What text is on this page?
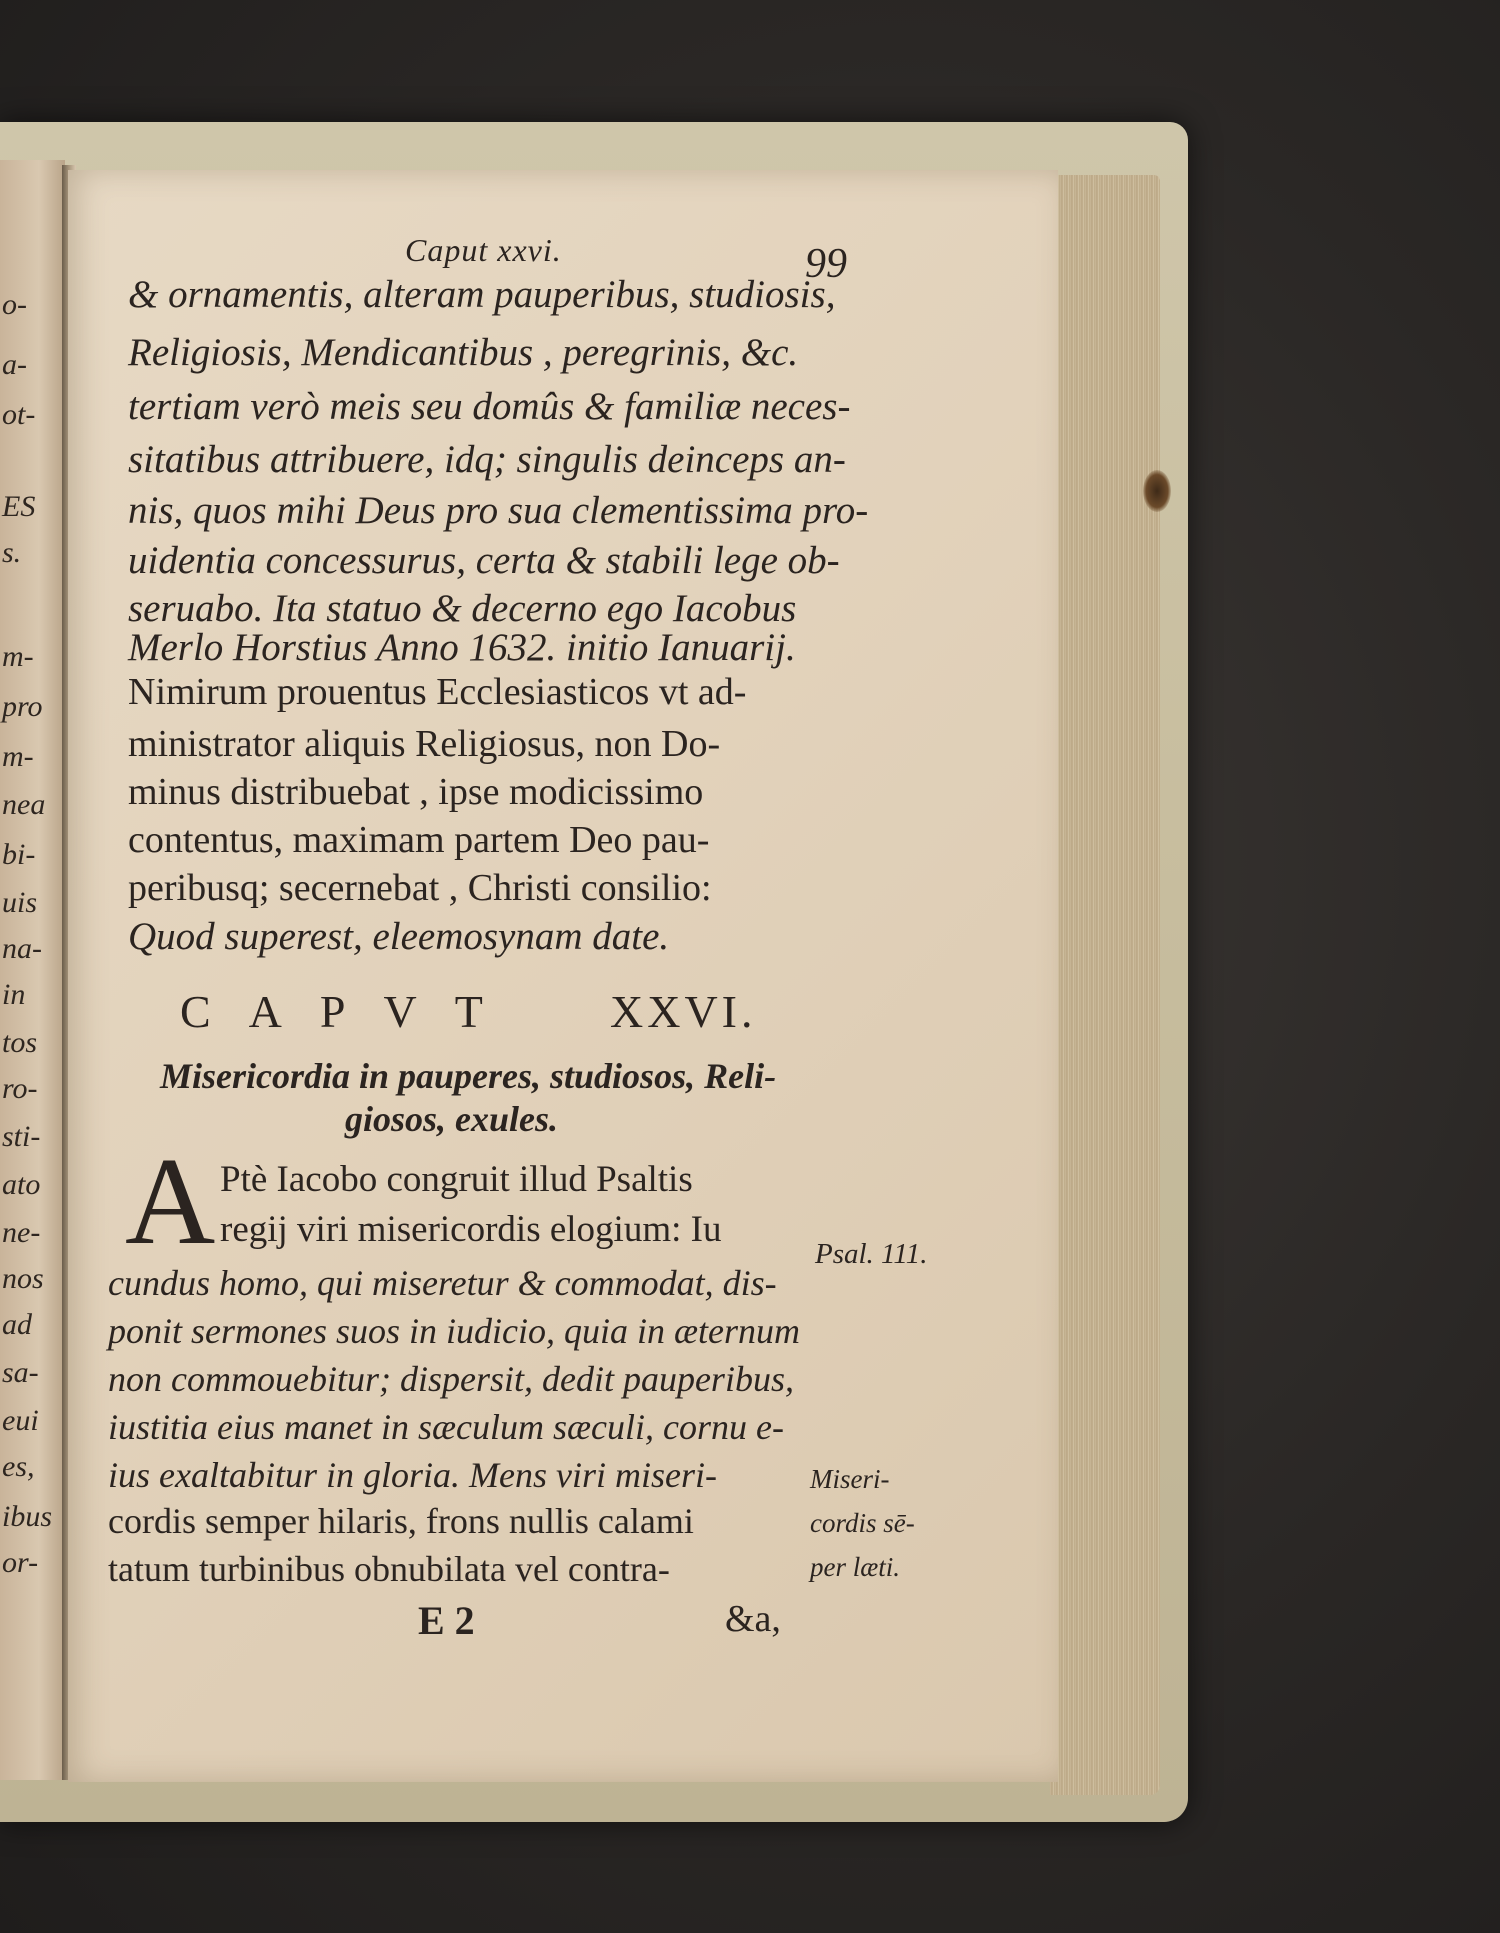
o-
a-
ot-
ES
s.
m-
pro
m-
nea
bi-
uis
na-
in
tos
ro-
sti-
ato
ne-
nos
ad
sa-
eui
es,
ibus
or-
Caput xxvi.	99
& ornamentis, alteram pauperibus, studiosis,
Religiosis, Mendicantibus , peregrinis, &c.
tertiam verò meis seu domûs & familiæ neces-
sitatibus attribuere, idq; singulis deinceps an-
nis, quos mihi Deus pro sua clementissima pro-
uidentia concessurus, certa & stabili lege ob-
seruabo. Ita statuo & decerno ego Iacobus
Merlo Horstius Anno 1632. initio Ianuarij.
Nimirum prouentus Ecclesiasticos vt ad-
ministrator aliquis Religiosus, non Do-
minus distribuebat , ipse modicissimo
contentus, maximam partem Deo pau-
peribusq; secernebat , Christi consilio:
Quod superest, eleemosynam date.
CAPVT XXVI.
Misericordia in pauperes, studiosos, Reli-
giosos, exules.
A Ptè Iacobo congruit illud Psaltis
regij viri misericordis elogium: Iu
cundus homo, qui miseretur & commodat, dis-
ponit sermones suos in iudicio, quia in æternum
non commouebitur; dispersit, dedit pauperibus,
iustitia eius manet in sæculum sæculi, cornu e-
ius exaltabitur in gloria. Mens viri miseri-
cordis semper hilaris, frons nullis calami
tatum turbinibus obnubilata vel contra-
Psal. 111.
Miseri-
cordis sē-
per læti.
E 2	&a,
